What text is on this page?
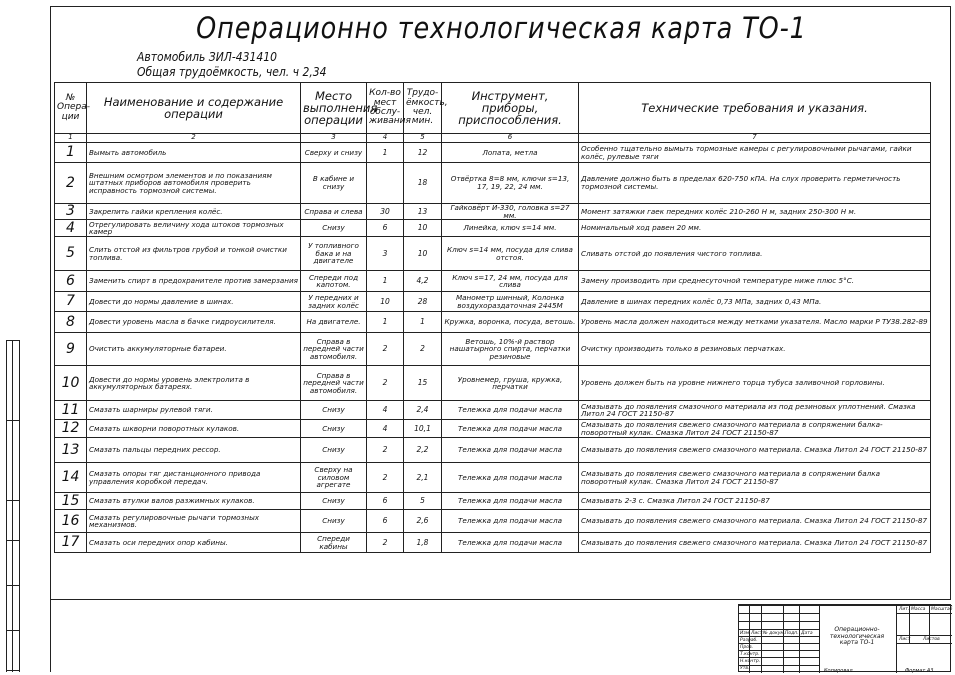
Операционно технологическая карта ТО-1
Автомобиль ЗИЛ-431410
Общая трудоёмкость, чел. ч 2,34
№ Опера-ции	Наименование и содержание операции	Место выполнения операции	Кол-во мест обслу-живания	Трудо-ёмкость, чел. мин.	Инструмент, приборы, приспособления.	Технические требования и указания.
1	2	3	4	5	6	7
1	Вымыть автомобиль	Сверху и снизу	1	12	Лопата, метла	Особенно тщательно вымыть тормозные камеры с регулировочными рычагами, гайки колёс, рулевые тяги
2	Внешним осмотром элементов и по показаниям штатных приборов автомобиля проверить исправность тормозной системы.	В кабине и снизу		18	Отвёртка 8=8 мм, ключи s=13, 17, 19, 22, 24 мм.	Давление должно быть в пределах 620-750 кПА. На слух проверить герметичность тормозной системы.
3	Закрепить гайки крепления колёс.	Справа и слева	30	13	Гайковёрт И-330, головка s=27 мм.	Момент затяжки гаек передних колёс 210-260 Н м, задних 250-300 Н м.
4	Отрегулировать величину хода штоков тормозных камер	Снизу	6	10	Линейка, ключ s=14 мм.	Номинальный ход равен 20 мм.
5	Слить отстой из фильтров грубой и тонкой очистки топлива.	У топливного бака и на двигателе	3	10	Ключ s=14 мм, посуда для слива отстоя.	Сливать отстой до появления чистого топлива.
6	Заменить спирт в предохранителе против замерзания	Спереди под капотом.	1	4,2	Ключ s=17, 24 мм, посуда для слива	Замену производить при среднесуточной температуре ниже плюс 5°С.
7	Довести до нормы давление в шинах.	У передних и задних колёс	10	28	Манометр шинный, Колонка воздухораздаточная 2445М	Давление в шинах передних колёс 0,73 МПа, задних 0,43 МПа.
8	Довести уровень масла в бачке гидроусилителя.	На двигателе.	1	1	Кружка, воронка, посуда, ветошь.	Уровень масла должен находиться между метками указателя. Масло марки Р ТУ38.282-89
9	Очистить аккумуляторные батареи.	Справа в передней части автомобиля.	2	2	Ветошь, 10%-й раствор нашатырного спирта, перчатки резиновые	Очистку производить только в резиновых перчатках.
10	Довести до нормы уровень электролита в аккумуляторных батареях.	Справа в передней части автомобиля.	2	15	Уровнемер, груша, кружка, перчатки	Уровень должен быть на уровне нижнего торца тубуса заливочной горловины.
11	Смазать шарниры рулевой тяги.	Снизу	4	2,4	Тележка для подачи масла	Смазывать до появления смазочного материала из под резиновых уплотнений. Смазка Литол 24 ГОСТ 21150-87
12	Смазать шкворни поворотных кулаков.	Снизу	4	10,1	Тележка для подачи масла	Смазывать до появления свежего смазочного материала в сопряжении балка-поворотный кулак. Смазка Литол 24 ГОСТ 21150-87
13	Смазать пальцы передних рессор.	Снизу	2	2,2	Тележка для подачи масла	Смазывать до появления свежего смазочного материала. Смазка Литол 24 ГОСТ 21150-87
14	Смазать опоры тяг дистанционного привода управления коробкой передач.	Сверху на силовом агрегате	2	2,1	Тележка для подачи масла	Смазывать до появления свежего смазочного материала в сопряжении балка поворотный кулак. Смазка Литол 24 ГОСТ 21150-87
15	Смазать втулки валов разжимных кулаков.	Снизу	6	5	Тележка для подачи масла	Смазывать 2-3 с. Смазка Литол 24 ГОСТ 21150-87
16	Смазать регулировочные рычаги тормозных механизмов.	Снизу	6	2,6	Тележка для подачи масла	Смазывать до появления свежего смазочного материала. Смазка Литол 24 ГОСТ 21150-87
17	Смазать оси передних опор кабины.	Спереди кабины	2	1,8	Тележка для подачи масла	Смазывать до появления свежего смазочного материала. Смазка Литол 24 ГОСТ 21150-87
Изм. Лист № докум. Подп. Дата
Разраб.
Пров.
Т.контр.
Н.контр.
Утв.
Операционно-технологическая карта ТО-1
Лит. Масса Масштаб
Лист	Листов
Копировал	Формат A3
